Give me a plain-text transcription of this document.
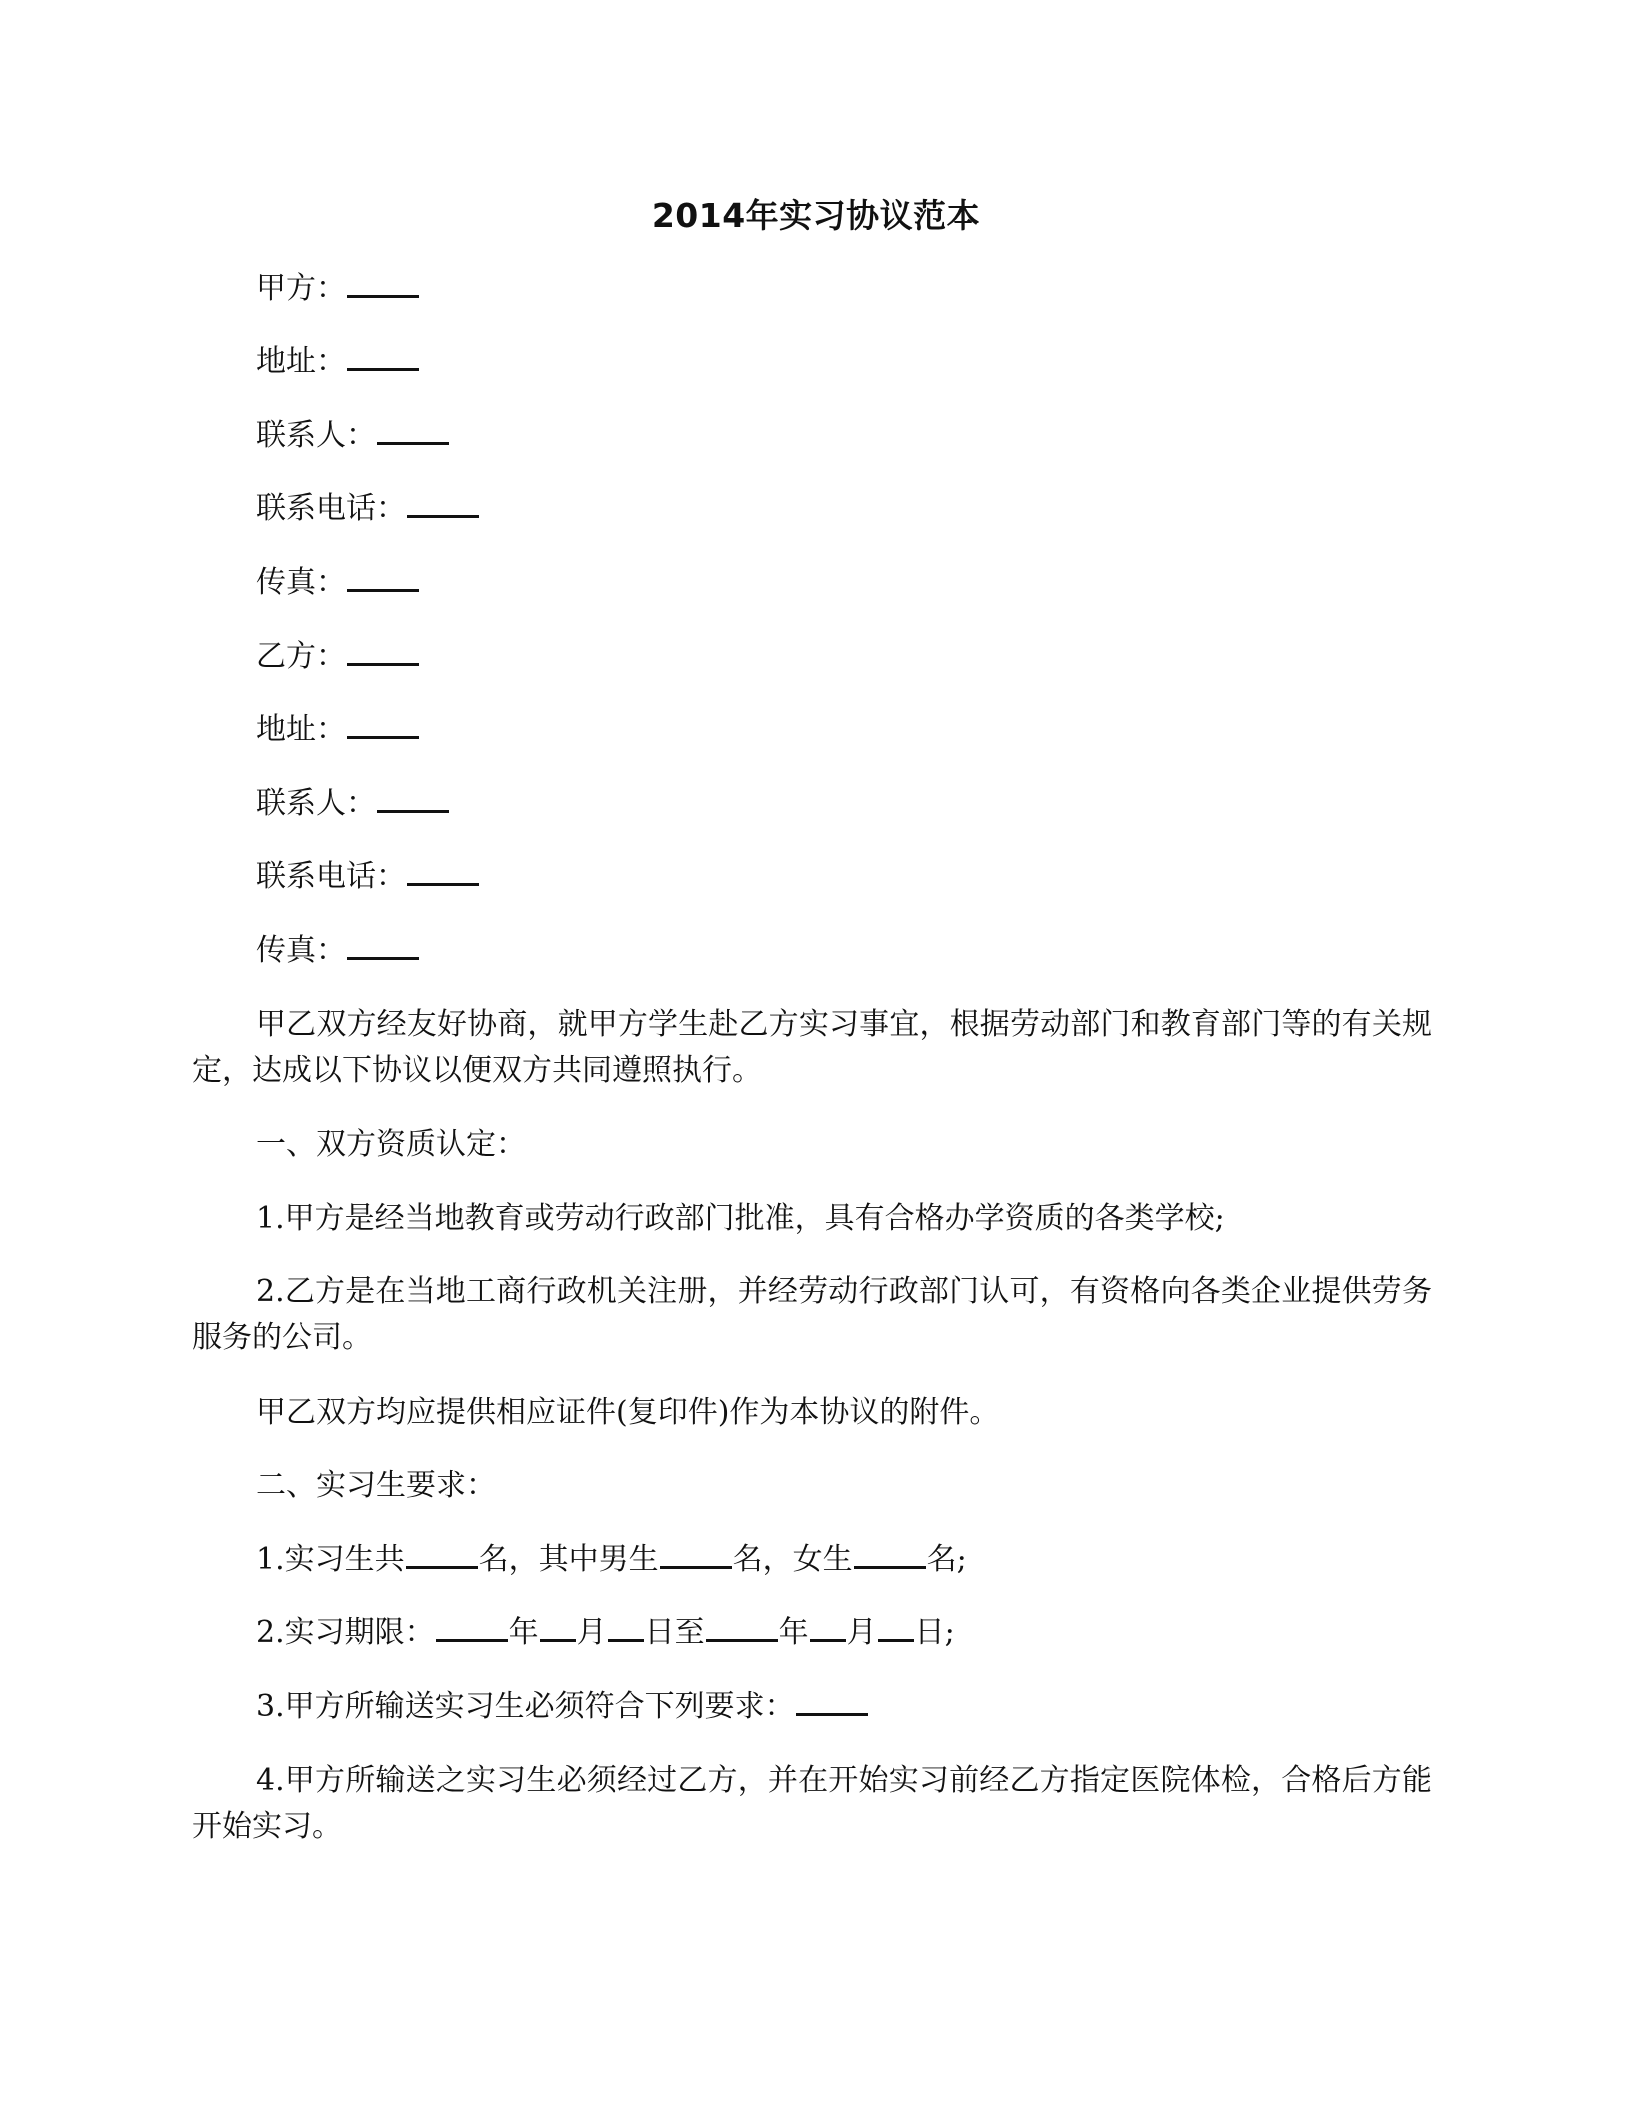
2014年实习协议范本
甲方：
地址：
联系人：
联系电话：
传真：
乙方：
地址：
联系人：
联系电话：
传真：
甲乙双方经友好协商，就甲方学生赴乙方实习事宜，根据劳动部门和教育部门等的有关规定，达成以下协议以便双方共同遵照执行。
一、双方资质认定：
1.甲方是经当地教育或劳动行政部门批准，具有合格办学资质的各类学校;
2.乙方是在当地工商行政机关注册，并经劳动行政部门认可，有资格向各类企业提供劳务服务的公司。
甲乙双方均应提供相应证件(复印件)作为本协议的附件。
二、实习生要求：
1.实习生共 名，其中男生 名，女生 名;
2.实习期限： 年 月 日至 年 月 日;
3.甲方所输送实习生必须符合下列要求：
4.甲方所输送之实习生必须经过乙方，并在开始实习前经乙方指定医院体检，合格后方能开始实习。
